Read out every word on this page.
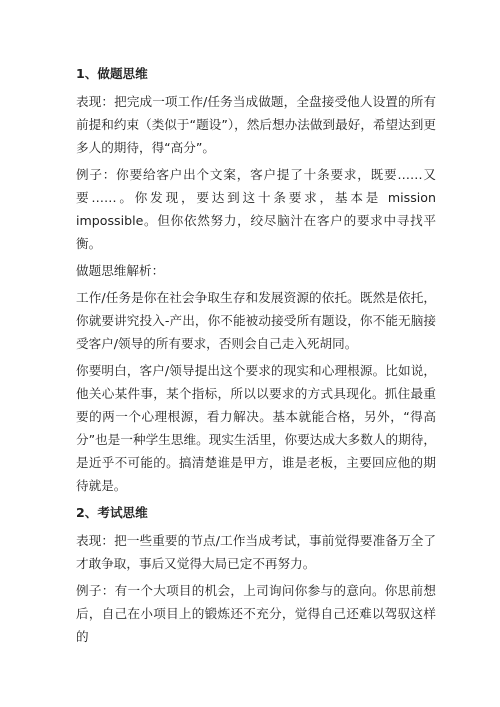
1、做题思维

表现：把完成一项工作/任务当成做题，全盘接受他人设置的所有前提和约束（类似于“题设”），然后想办法做到最好，希望达到更多人的期待，得“高分”。

例子：你要给客户出个文案，客户提了十条要求，既要……又要……。你发现，要达到这十条要求，基本是 mission impossible。但你依然努力，绞尽脑汁在客户的要求中寻找平衡。

做题思维解析：

工作/任务是你在社会争取生存和发展资源的依托。既然是依托，你就要讲究投入-产出，你不能被动接受所有题设，你不能无脑接受客户/领导的所有要求，否则会自己走入死胡同。

你要明白，客户/领导提出这个要求的现实和心理根源。比如说，他关心某件事，某个指标，所以以要求的方式具现化。抓住最重要的两一个心理根源，看力解决。基本就能合格，另外，“得高分”也是一种学生思维。现实生活里，你要达成大多数人的期待，是近乎不可能的。搞清楚谁是甲方，谁是老板，主要回应他的期待就是。

2、考试思维

表现：把一些重要的节点/工作当成考试，事前觉得要准备万全了才敢争取，事后又觉得大局已定不再努力。

例子：有一个大项目的机会，上司询问你参与的意向。你思前想后，自己在小项目上的锻炼还不充分，觉得自己还难以驾驭这样的
